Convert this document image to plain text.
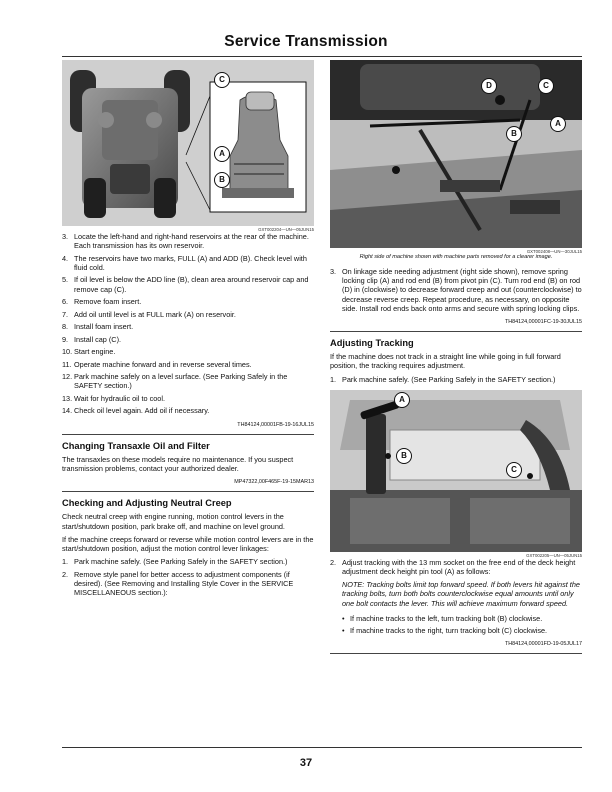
Service Transmission
C
A
B
GXT002204—UN—05JUN15
3. Locate the left-hand and right-hand reservoirs at the rear of the machine. Each transmission has its own reservoir.
4. The reservoirs have two marks, FULL (A) and ADD (B). Check level with fluid cold.
5. If oil level is below the ADD line (B), clean area around reservoir cap and remove cap (C).
6. Remove foam insert.
7. Add oil until level is at FULL mark (A) on reservoir.
8. Install foam insert.
9. Install cap (C).
10. Start engine.
11. Operate machine forward and in reverse several times.
12. Park machine safely on a level surface. (See Parking Safely in the SAFETY section.)
13. Wait for hydraulic oil to cool.
14. Check oil level again. Add oil if necessary.
TH84124,00001FB-19-16JUL15
Changing Transaxle Oil and Filter

The transaxles on these models require no maintenance. If you suspect transmission problems, contact your authorized dealer.

MP47322,00F465F-19-15MAR13
Checking and Adjusting Neutral Creep

Check neutral creep with engine running, motion control levers in the start/shutdown position, park brake off, and machine on level ground.

If the machine creeps forward or reverse while motion control levers are in the start/shutdown position, adjust the motion control lever linkages:

1. Park machine safely. (See Parking Safely in the SAFETY section.)
2. Remove style panel for better access to adjustment components (if desired). (See Removing and Installing Style Cover in the SERVICE MISCELLANEOUS section.):
D	C
B
A
GXT002408—UN—30JUL15
Right side of machine shown with machine parts removed for a clearer image.
3. On linkage side needing adjustment (right side shown), remove spring locking clip (A) and rod end (B) from pivot pin (C). Turn rod end (B) on rod (D) in (clockwise) to decrease forward creep and out (counterclockwise) to decrease reverse creep. Repeat procedure, as necessary, on opposite side. Install rod ends back onto arms and secure with spring locking clips.
TH84124,00001FC-19-30JUL15
Adjusting Tracking

If the machine does not track in a straight line while going in full forward position, the tracking requires adjustment.

1. Park machine safely. (See Parking Safely in the SAFETY section.)
A
B
C
GXT002205—UN—05JUN15
2. Adjust tracking with the 13 mm socket on the free end of the deck height adjustment deck height pin tool (A) as follows:

NOTE: Tracking bolts limit top forward speed. If both levers hit against the tracking bolts, turn both bolts counterclockwise equal amounts until only one bolt contacts the lever. This will achieve maximum forward speed.

• If machine tracks to the left, turn tracking bolt (B) clockwise.
• If machine tracks to the right, turn tracking bolt (C) clockwise.
TH84124,00001FD-19-05JUL17
37
